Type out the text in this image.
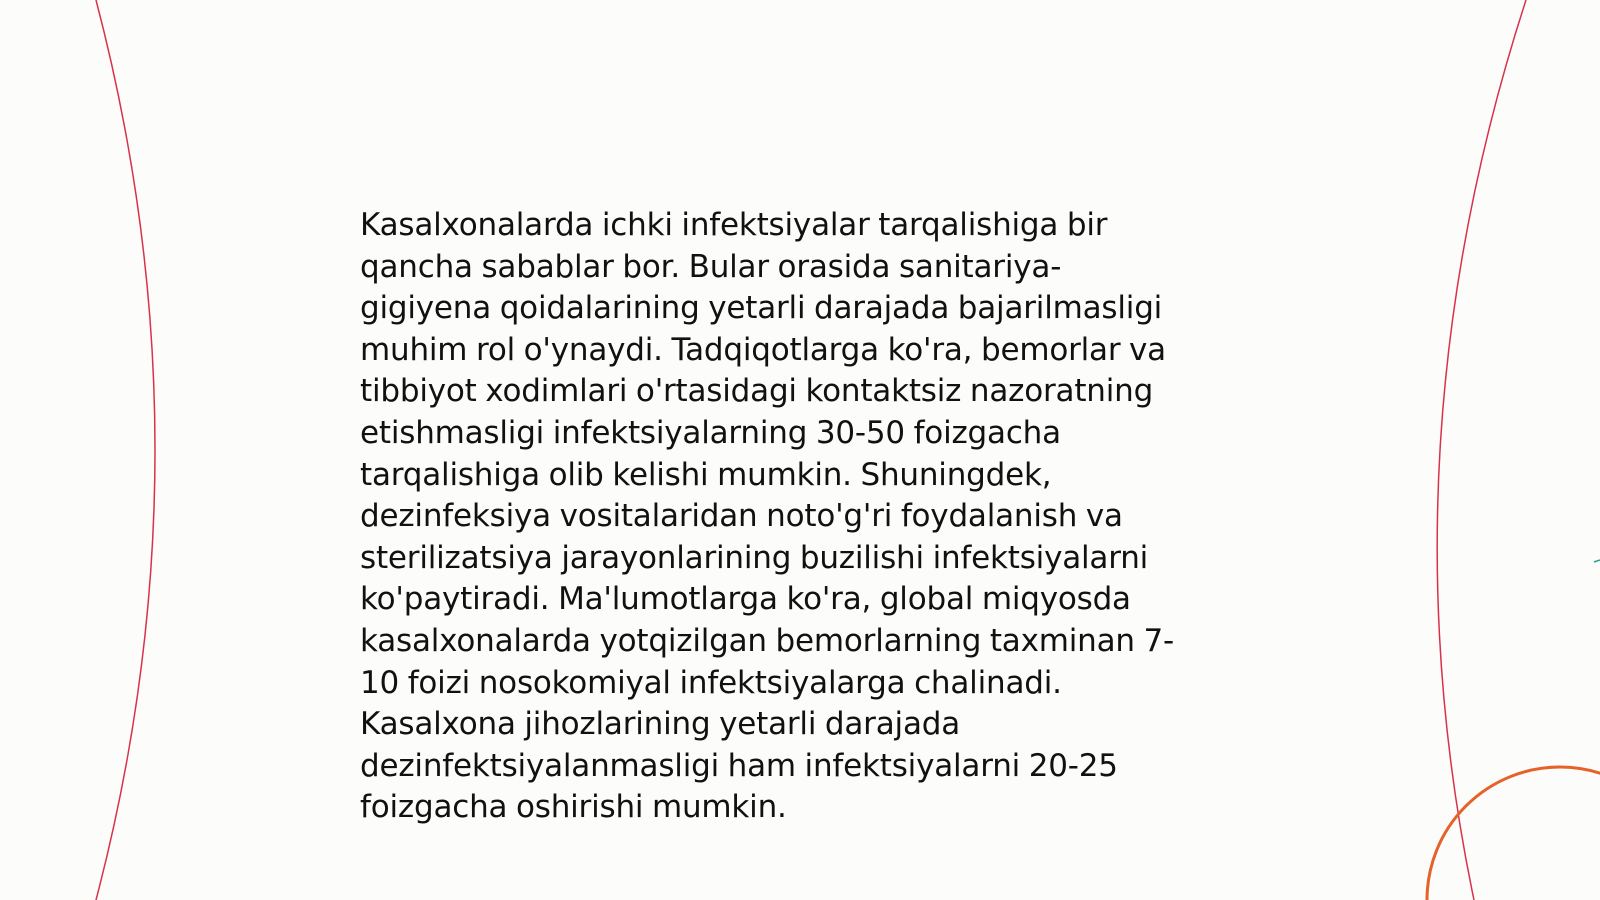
Kasalxonalarda ichki infektsiyalar tarqalishiga bir
qancha sabablar bor. Bular orasida sanitariya-
gigiyena qoidalarining yetarli darajada bajarilmasligi
muhim rol o'ynaydi. Tadqiqotlarga ko'ra, bemorlar va
tibbiyot xodimlari o'rtasidagi kontaktsiz nazoratning
etishmasligi infektsiyalarning 30-50 foizgacha
tarqalishiga olib kelishi mumkin. Shuningdek,
dezinfeksiya vositalaridan noto'g'ri foydalanish va
sterilizatsiya jarayonlarining buzilishi infektsiyalarni
ko'paytiradi. Ma'lumotlarga ko'ra, global miqyosda
kasalxonalarda yotqizilgan bemorlarning taxminan 7-
10 foizi nosokomiyal infektsiyalarga chalinadi.
Kasalxona jihozlarining yetarli darajada
dezinfektsiyalanmasligi ham infektsiyalarni 20-25
foizgacha oshirishi mumkin.
